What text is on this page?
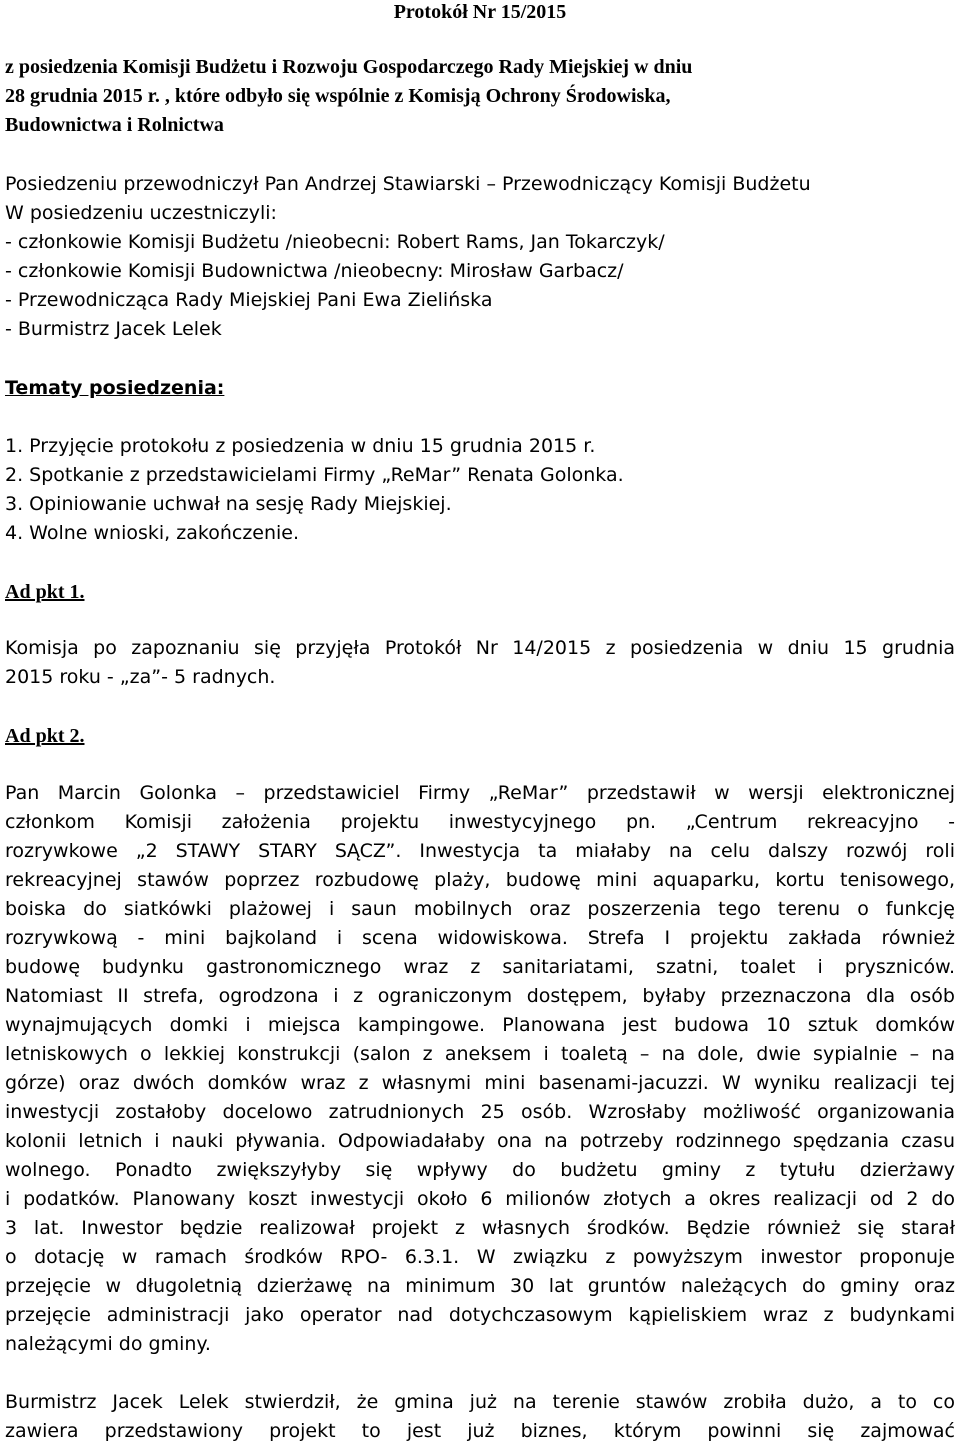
Protokół Nr 15/2015
z posiedzenia Komisji Budżetu i Rozwoju Gospodarczego Rady Miejskiej w dniu
28 grudnia 2015 r. , które odbyło się wspólnie z Komisją Ochrony Środowiska,
Budownictwa i Rolnictwa
Posiedzeniu przewodniczył Pan Andrzej Stawiarski – Przewodniczący Komisji Budżetu
W posiedzeniu uczestniczyli:
- członkowie Komisji Budżetu /nieobecni: Robert Rams, Jan Tokarczyk/
- członkowie Komisji Budownictwa /nieobecny: Mirosław Garbacz/
- Przewodnicząca Rady Miejskiej Pani Ewa Zielińska
- Burmistrz Jacek Lelek
Tematy posiedzenia:
1. Przyjęcie protokołu z posiedzenia w dniu 15 grudnia 2015 r.
2. Spotkanie z przedstawicielami Firmy „ReMar” Renata Golonka.
3. Opiniowanie uchwał na sesję Rady Miejskiej.
4. Wolne wnioski, zakończenie.
Ad pkt 1.
Komisja po zapoznaniu się przyjęła Protokół Nr 14/2015 z posiedzenia w dniu 15 grudnia
2015 roku - „za”- 5 radnych.
Ad pkt 2.
Pan Marcin Golonka – przedstawiciel Firmy „ReMar” przedstawił w wersji elektronicznej
członkom Komisji założenia projektu inwestycyjnego pn. „Centrum rekreacyjno -
rozrywkowe „2 STAWY STARY SĄCZ”. Inwestycja ta miałaby na celu dalszy rozwój roli
rekreacyjnej stawów poprzez rozbudowę plaży, budowę mini aquaparku, kortu tenisowego,
boiska do siatkówki plażowej i saun mobilnych oraz poszerzenia tego terenu o funkcję
rozrywkową - mini bajkoland i scena widowiskowa. Strefa I projektu zakłada również
budowę budynku gastronomicznego wraz z sanitariatami, szatni, toalet i pryszniców.
Natomiast II strefa, ogrodzona i z ograniczonym dostępem, byłaby przeznaczona dla osób
wynajmujących domki i miejsca kampingowe. Planowana jest budowa 10 sztuk domków
letniskowych o lekkiej konstrukcji (salon z aneksem i toaletą – na dole, dwie sypialnie – na
górze) oraz dwóch domków wraz z własnymi mini basenami-jacuzzi. W wyniku realizacji tej
inwestycji zostałoby docelowo zatrudnionych 25 osób. Wzrosłaby możliwość organizowania
kolonii letnich i nauki pływania. Odpowiadałaby ona na potrzeby rodzinnego spędzania czasu
wolnego. Ponadto zwiększyłyby się wpływy do budżetu gminy z tytułu dzierżawy
i podatków. Planowany koszt inwestycji około 6 milionów złotych a okres realizacji od 2 do
3 lat. Inwestor będzie realizował projekt z własnych środków. Będzie również się starał
o dotację w ramach środków RPO- 6.3.1. W związku z powyższym inwestor proponuje
przejęcie w długoletnią dzierżawę na minimum 30 lat gruntów należących do gminy oraz
przejęcie administracji jako operator nad dotychczasowym kąpieliskiem wraz z budynkami
należącymi do gminy.
Burmistrz Jacek Lelek stwierdził, że gmina już na terenie stawów zrobiła dużo, a to co
zawiera przedstawiony projekt to jest już biznes, którym powinni się zajmować
